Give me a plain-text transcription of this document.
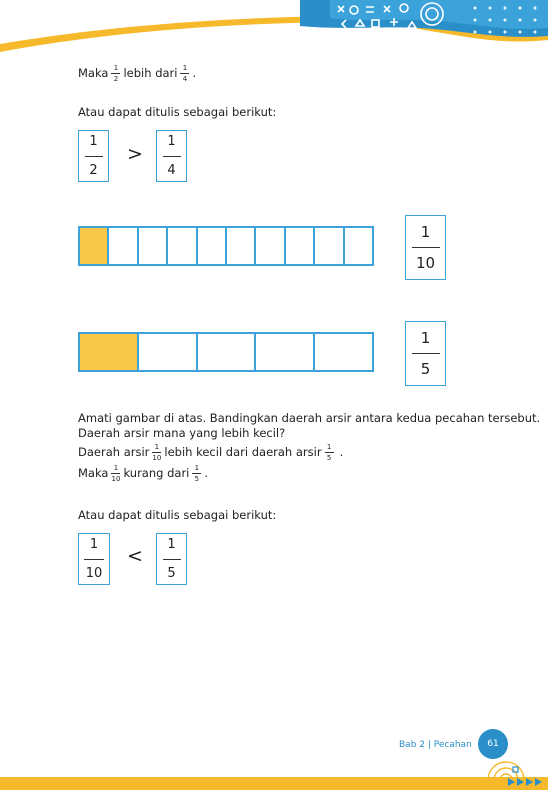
Maka 1
2 lebih dari 1
4 .
Atau dapat ditulis sebagai berikut:
1
2
>
1
4
1
10
1
5
Amati gambar di atas. Bandingkan daerah arsir antara kedua pecahan tersebut.
Daerah arsir mana yang lebih kecil?
Daerah arsir 1
10 lebih kecil dari daerah arsir 1
5 .
Maka 1
10 kurang dari 1
5 .
Atau dapat ditulis sebagai berikut:
1
10
<
1
5
Bab 2 | Pecahan	61
